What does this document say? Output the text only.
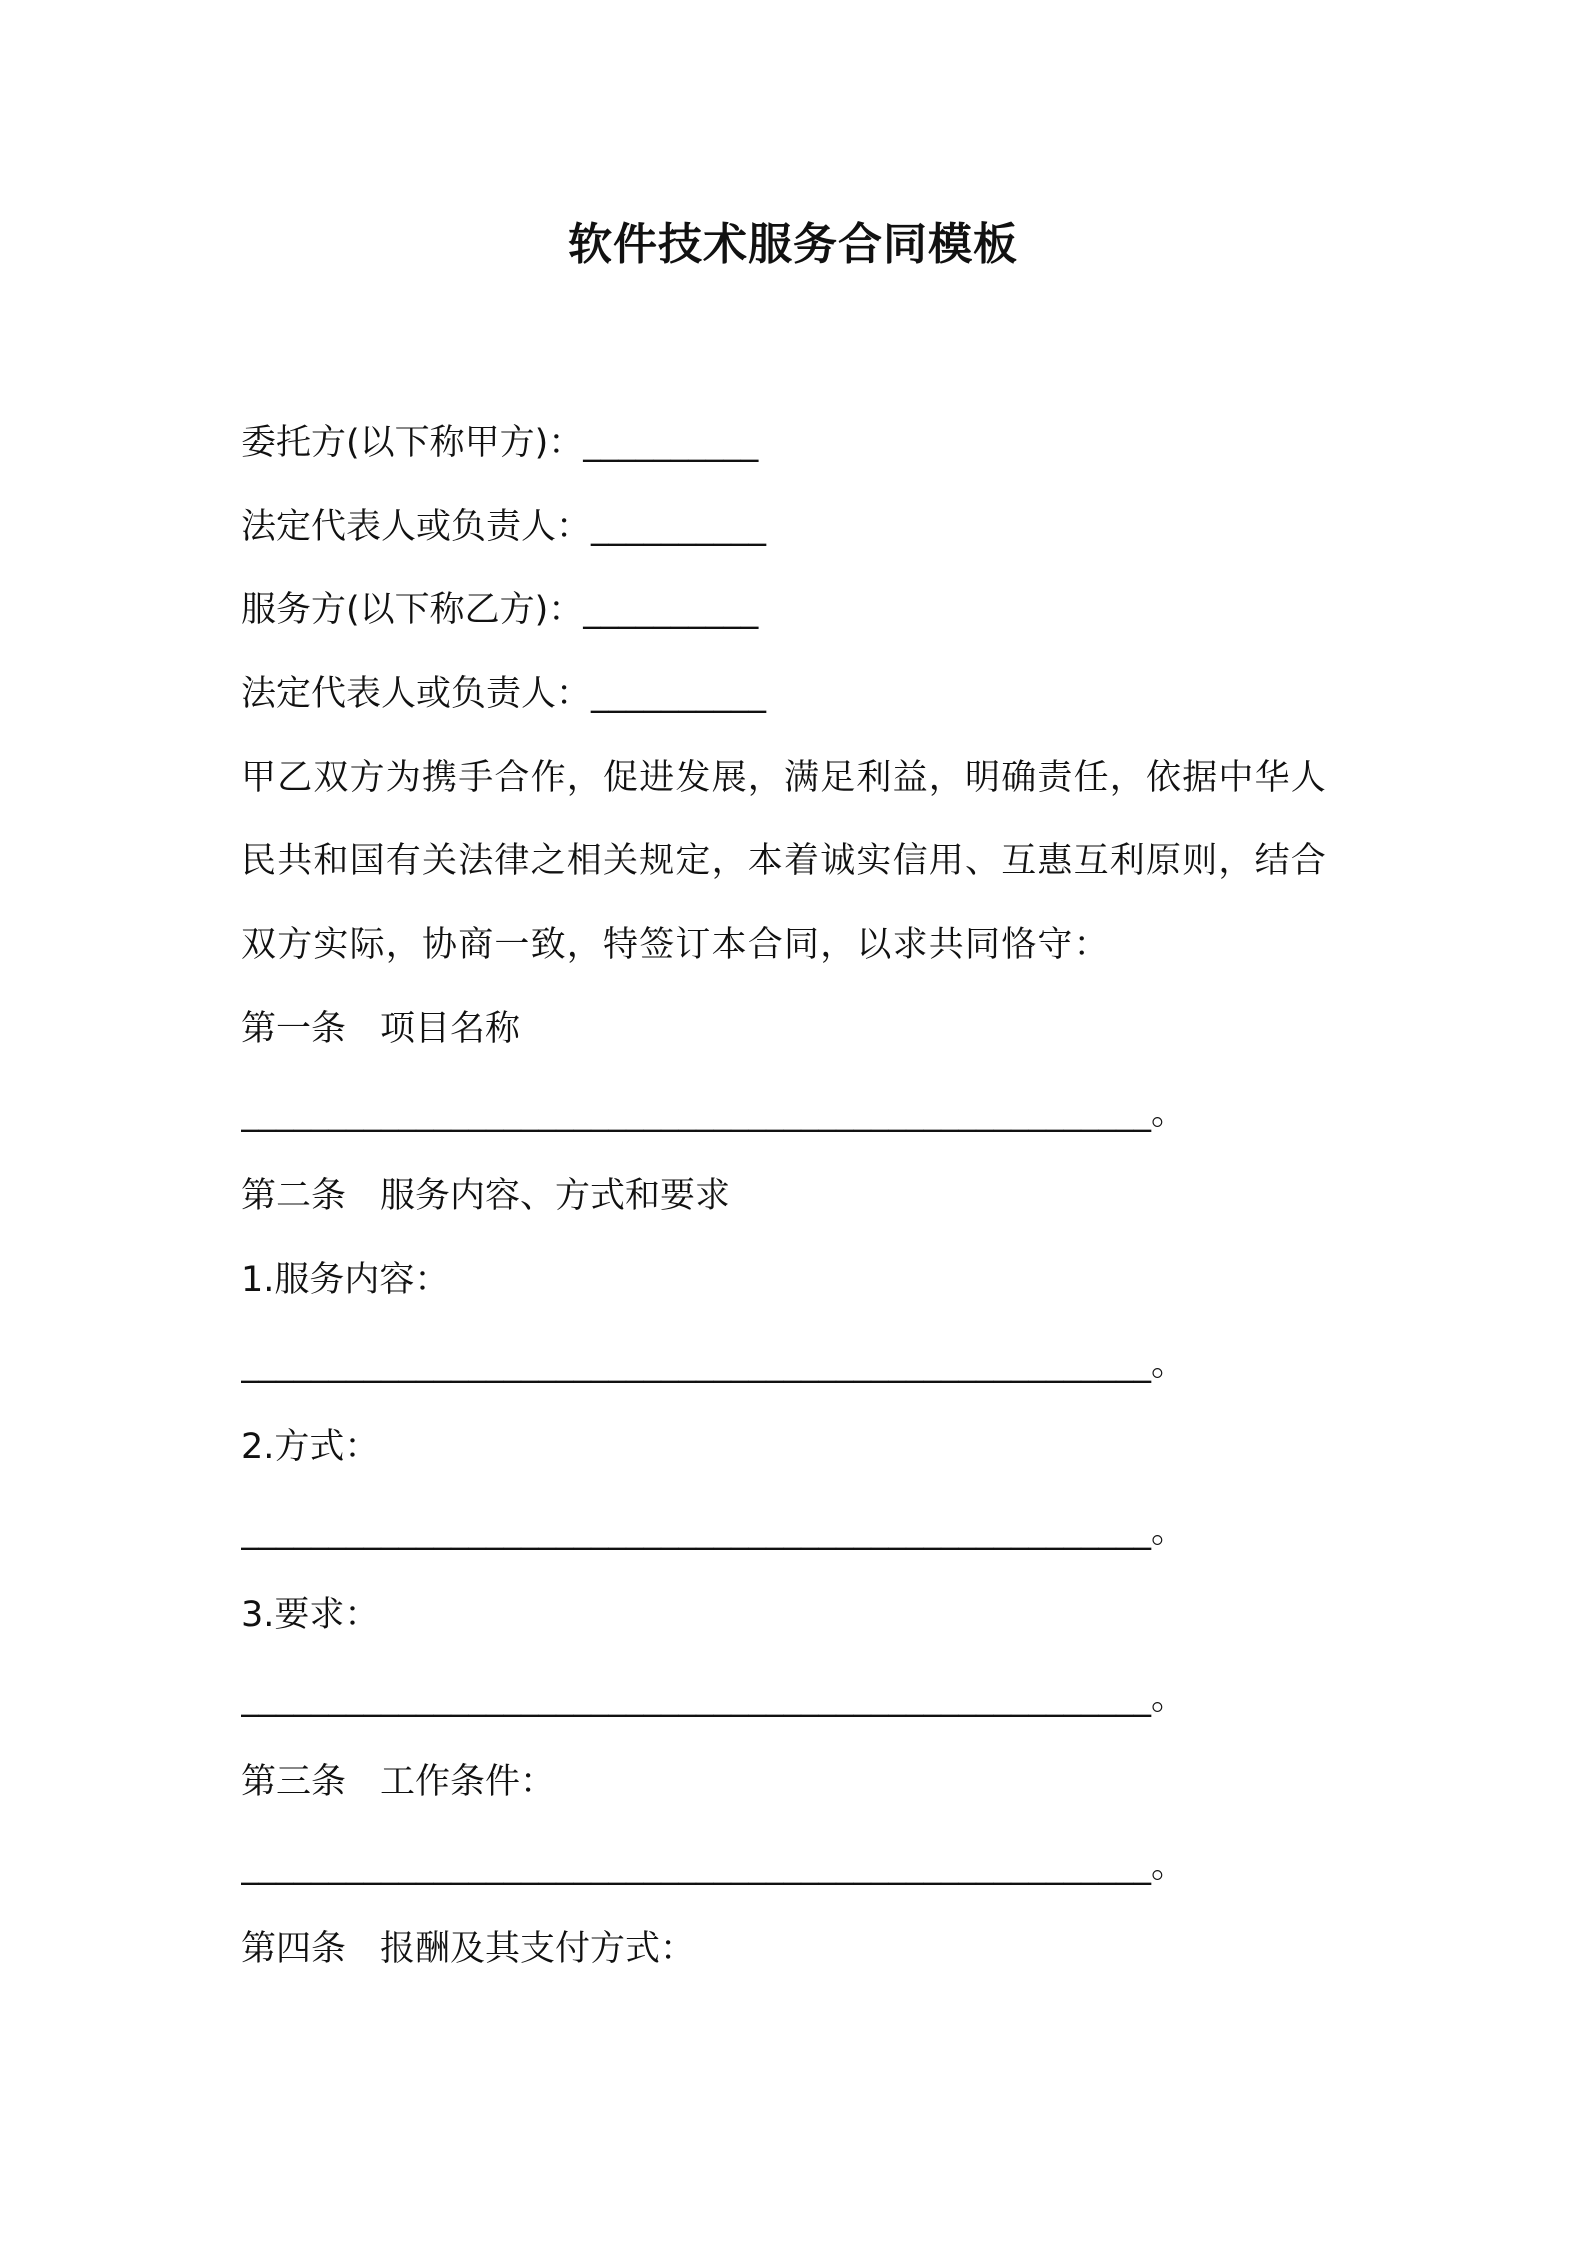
软件技术服务合同模板
委托方(以下称甲方)：__________
法定代表人或负责人：__________
服务方(以下称乙方)：__________
法定代表人或负责人：__________
甲乙双方为携手合作，促进发展，满足利益，明确责任，依据中华人
民共和国有关法律之相关规定，本着诚实信用、互惠互利原则，结合
双方实际，协商一致，特签订本合同，以求共同恪守：
第一条 项目名称
____________________________________________________。
第二条 服务内容、方式和要求
1.服务内容：
____________________________________________________。
2.方式：
____________________________________________________。
3.要求：
____________________________________________________。
第三条 工作条件：
____________________________________________________。
第四条 报酬及其支付方式：
